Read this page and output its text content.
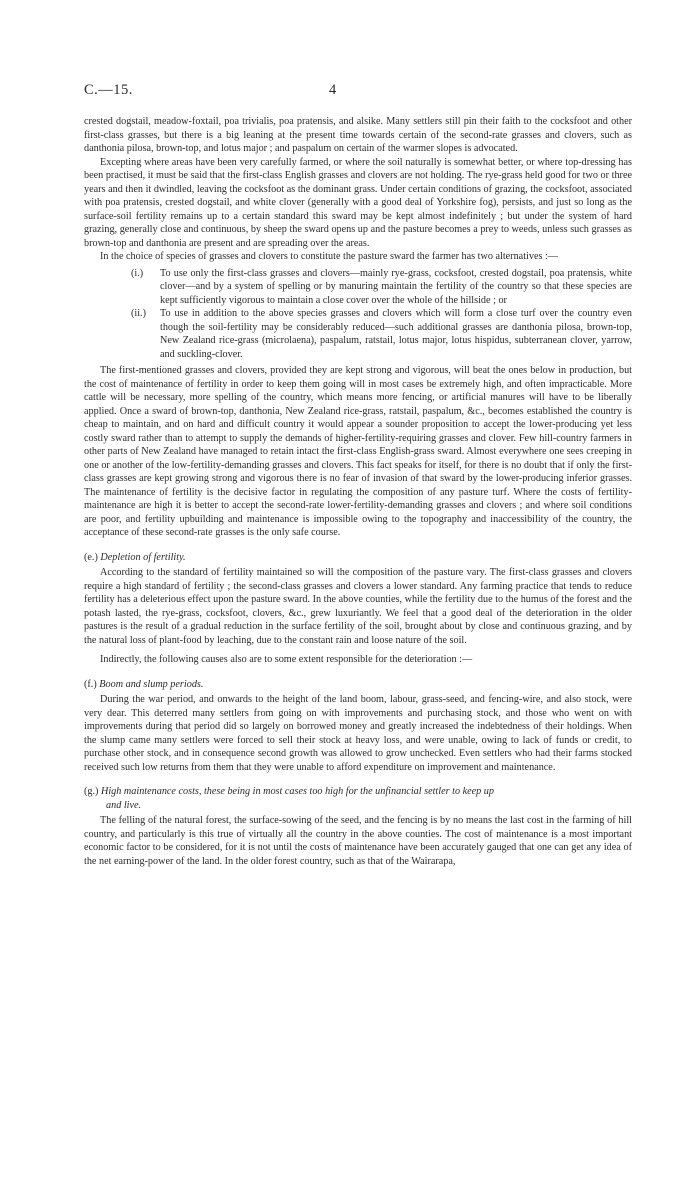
C.—15.	4

crested dogstail, meadow-foxtail, poa trivialis, poa pratensis, and alsike. Many settlers still pin their faith to the cocksfoot and other first-class grasses, but there is a big leaning at the present time towards certain of the second-rate grasses and clovers, such as danthonia pilosa, brown-top, and lotus major ; and paspalum on certain of the warmer slopes is advocated.

Excepting where areas have been very carefully farmed, or where the soil naturally is somewhat better, or where top-dressing has been practised, it must be said that the first-class English grasses and clovers are not holding. The rye-grass held good for two or three years and then it dwindled, leaving the cocksfoot as the dominant grass. Under certain conditions of grazing, the cocksfoot, associated with poa pratensis, crested dogstail, and white clover (generally with a good deal of Yorkshire fog), persists, and just so long as the surface-soil fertility remains up to a certain standard this sward may be kept almost indefinitely ; but under the system of hard grazing, generally close and continuous, by sheep the sward opens up and the pasture becomes a prey to weeds, unless such grasses as brown-top and danthonia are present and are spreading over the areas.

In the choice of species of grasses and clovers to constitute the pasture sward the farmer has two alternatives :—

(i.) To use only the first-class grasses and clovers—mainly rye-grass, cocksfoot, crested dogstail, poa pratensis, white clover—and by a system of spelling or by manuring maintain the fertility of the country so that these species are kept sufficiently vigorous to maintain a close cover over the whole of the hillside ; or
(ii.) To use in addition to the above species grasses and clovers which will form a close turf over the country even though the soil-fertility may be considerably reduced—such additional grasses are danthonia pilosa, brown-top, New Zealand rice-grass (microlaena), paspalum, ratstail, lotus major, lotus hispidus, subterranean clover, yarrow, and suckling-clover.

The first-mentioned grasses and clovers, provided they are kept strong and vigorous, will beat the ones below in production, but the cost of maintenance of fertility in order to keep them going will in most cases be extremely high, and often impracticable. More cattle will be necessary, more spelling of the country, which means more fencing, or artificial manures will have to be liberally applied. Once a sward of brown-top, danthonia, New Zealand rice-grass, ratstail, paspalum, &c., becomes established the country is cheap to maintain, and on hard and difficult country it would appear a sounder proposition to accept the lower-producing yet less costly sward rather than to attempt to supply the demands of higher-fertility-requiring grasses and clover. Few hill-country farmers in other parts of New Zealand have managed to retain intact the first-class English-grass sward. Almost everywhere one sees creeping in one or another of the low-fertility-demanding grasses and clovers. This fact speaks for itself, for there is no doubt that if only the first-class grasses are kept growing strong and vigorous there is no fear of invasion of that sward by the lower-producing inferior grasses. The maintenance of fertility is the decisive factor in regulating the composition of any pasture turf. Where the costs of fertility-maintenance are high it is better to accept the second-rate lower-fertility-demanding grasses and clovers ; and where soil conditions are poor, and fertility upbuilding and maintenance is impossible owing to the topography and inaccessibility of the country, the acceptance of these second-rate grasses is the only safe course.

(e.) Depletion of fertility.

According to the standard of fertility maintained so will the composition of the pasture vary. The first-class grasses and clovers require a high standard of fertility ; the second-class grasses and clovers a lower standard. Any farming practice that tends to reduce fertility has a deleterious effect upon the pasture sward. In the above counties, while the fertility due to the humus of the forest and the potash lasted, the rye-grass, cocksfoot, clovers, &c., grew luxuriantly. We feel that a good deal of the deterioration in the older pastures is the result of a gradual reduction in the surface fertility of the soil, brought about by close and continuous grazing, and by the natural loss of plant-food by leaching, due to the constant rain and loose nature of the soil.

Indirectly, the following causes also are to some extent responsible for the deterioration :—

(f.) Boom and slump periods.

During the war period, and onwards to the height of the land boom, labour, grass-seed, and fencing-wire, and also stock, were very dear. This deterred many settlers from going on with improvements and purchasing stock, and those who went on with improvements during that period did so largely on borrowed money and greatly increased the indebtedness of their holdings. When the slump came many settlers were forced to sell their stock at heavy loss, and were unable, owing to lack of funds or credit, to purchase other stock, and in consequence second growth was allowed to grow unchecked. Even settlers who had their farms stocked received such low returns from them that they were unable to afford expenditure on improvement and maintenance.

(g.) High maintenance costs, these being in most cases too high for the unfinancial settler to keep up
and live.

The felling of the natural forest, the surface-sowing of the seed, and the fencing is by no means the last cost in the farming of hill country, and particularly is this true of virtually all the country in the above counties. The cost of maintenance is a most important economic factor to be considered, for it is not until the costs of maintenance have been accurately gauged that one can get any idea of the net earning-power of the land. In the older forest country, such as that of the Wairarapa,
